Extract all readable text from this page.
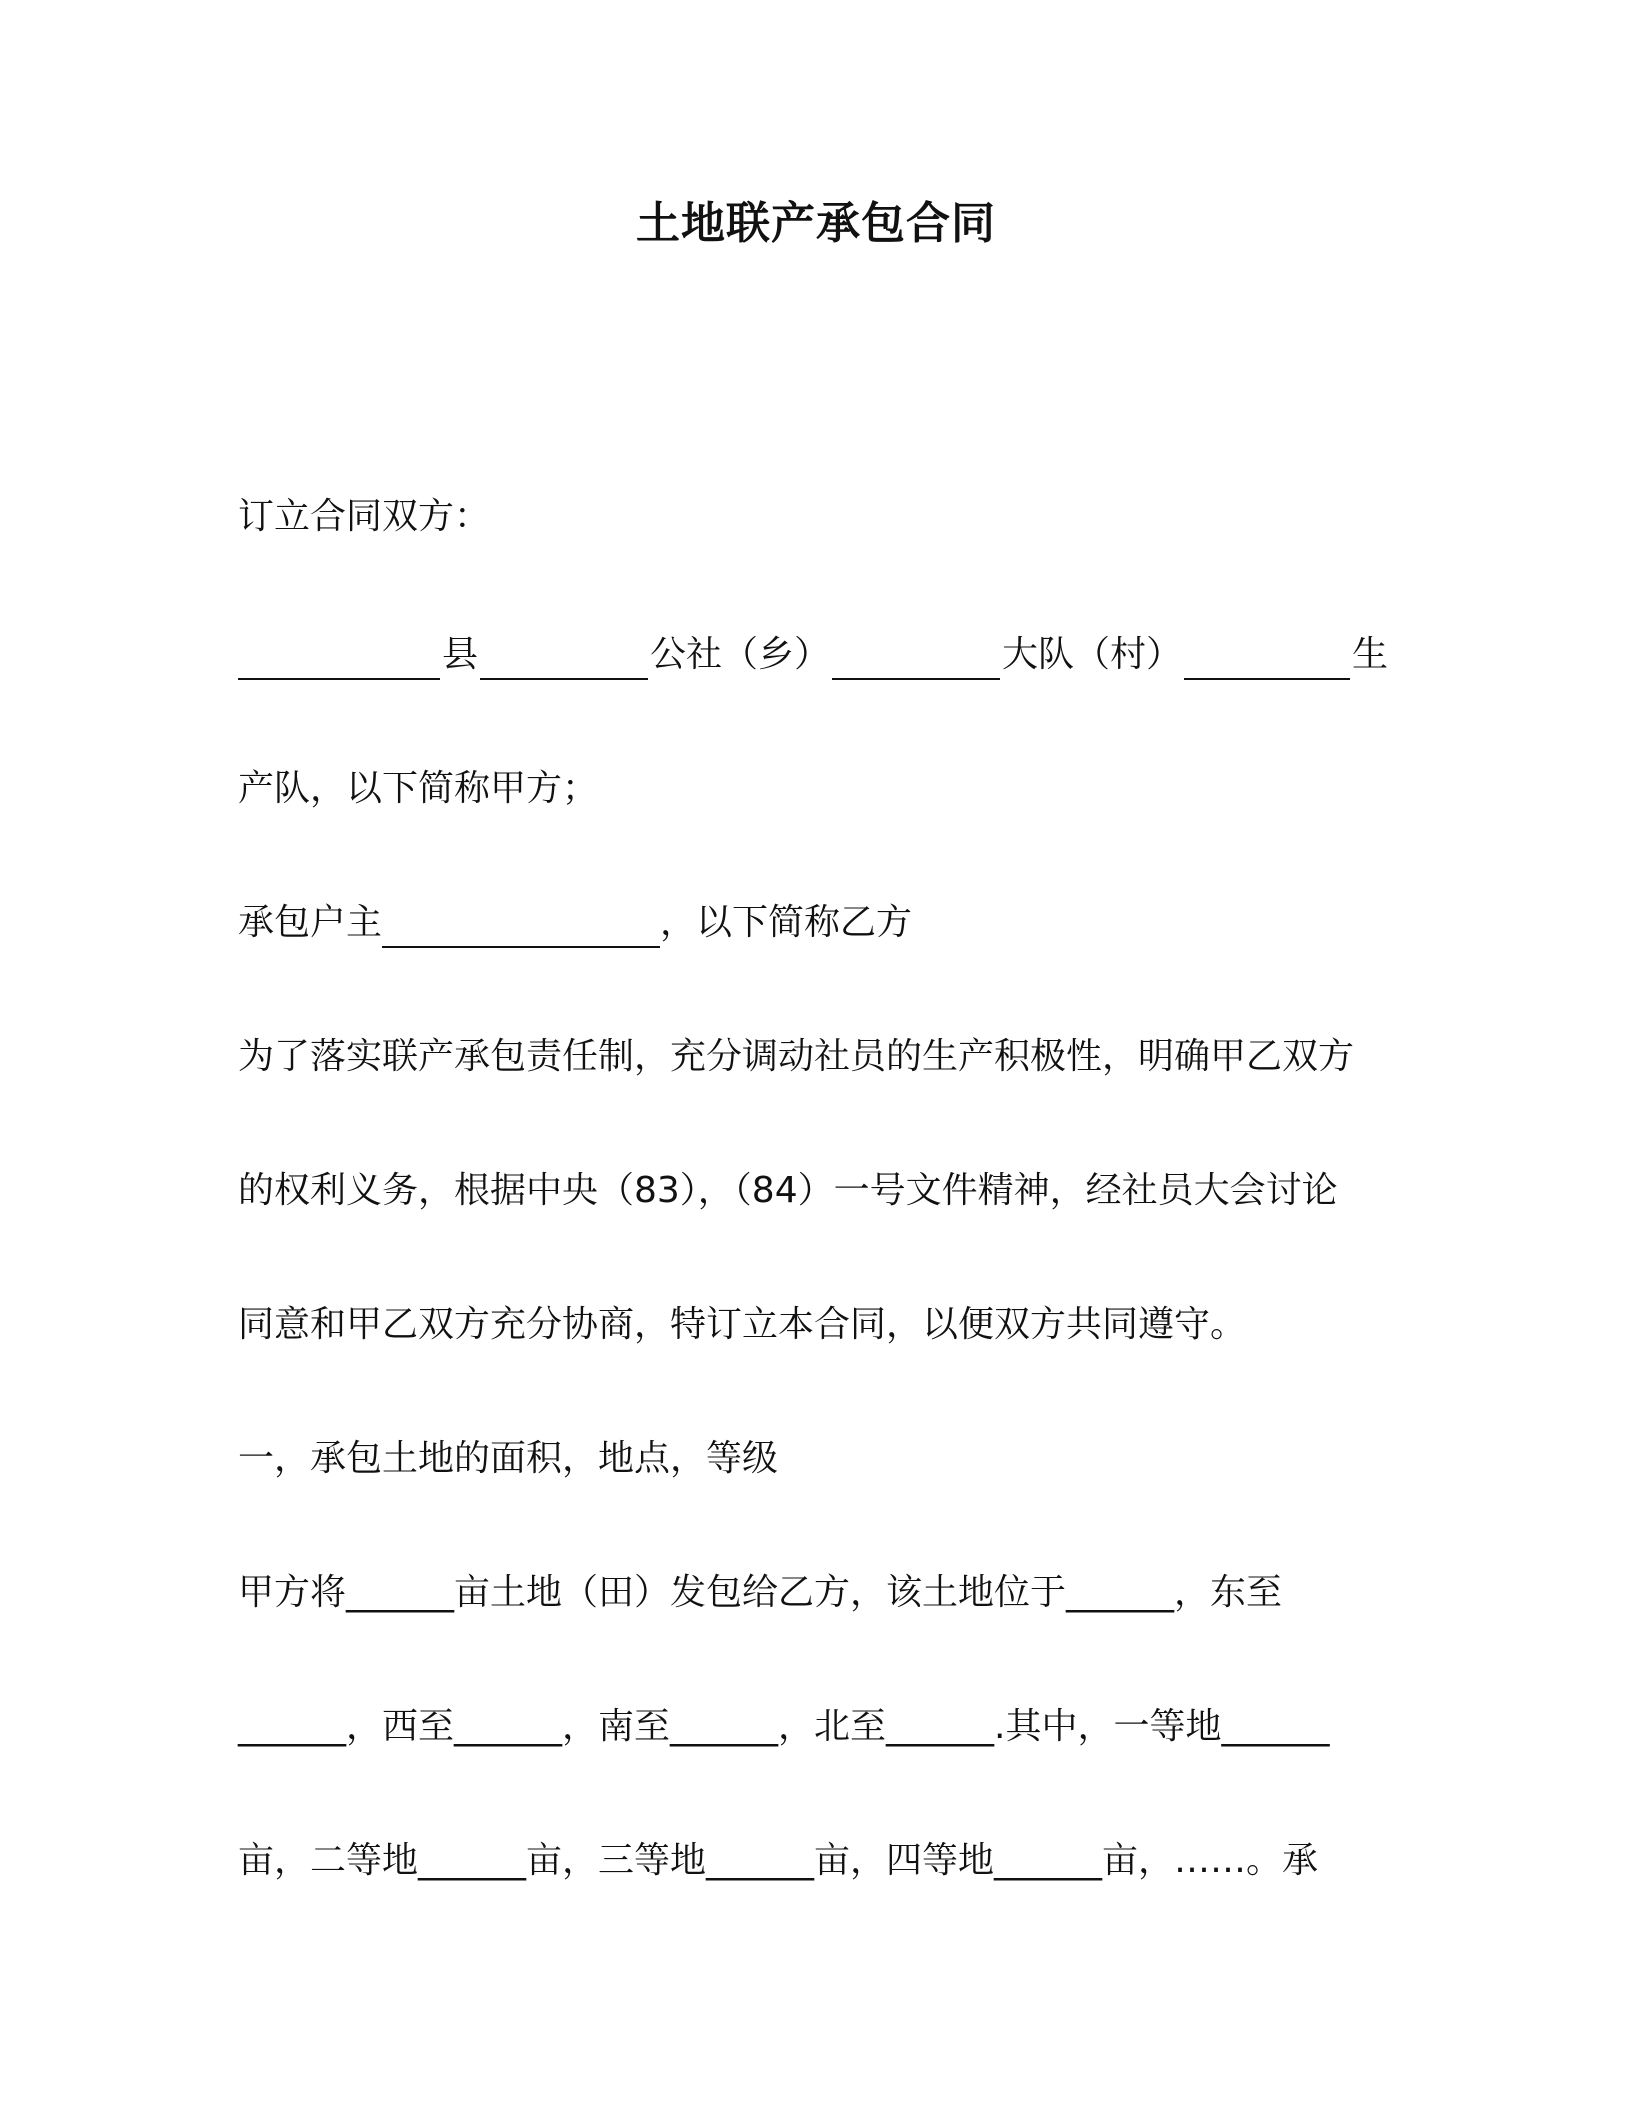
土地联产承包合同
订立合同双方：
县	公社（乡）	大队（村）	生
产队，以下简称甲方；
承包户主	，以下简称乙方
为了落实联产承包责任制，充分调动社员的生产积极性，明确甲乙双方
的权利义务，根据中央（83），（84）一号文件精神，经社员大会讨论
同意和甲乙双方充分协商，特订立本合同，以便双方共同遵守。
一，承包土地的面积，地点，等级
甲方将______亩土地（田）发包给乙方，该土地位于______，东至
______，西至______，南至______，北至______.其中，一等地______
亩，二等地______亩，三等地______亩，四等地______亩，……。承
